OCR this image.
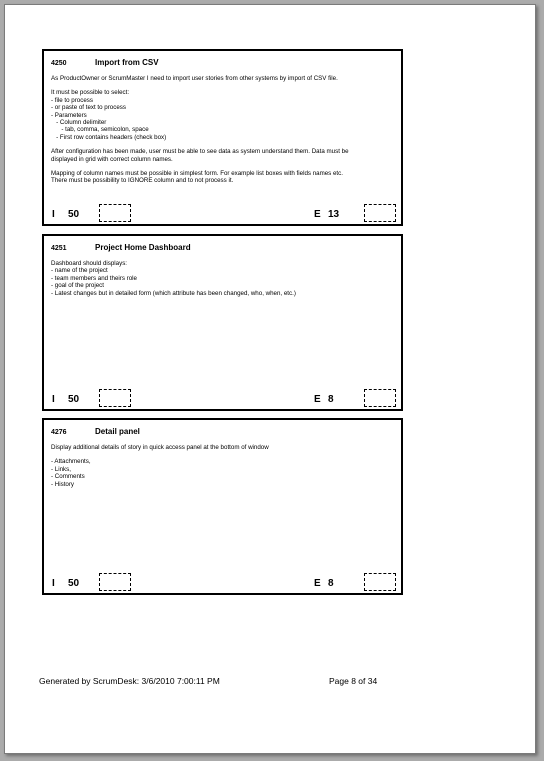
4250	Import from CSV

As ProductOwner or ScrumMaster I need to import user stories from other systems by import of CSV file.

It must be possible to select:
- file to process
- or paste of text to process
- Parameters
- Column delimiter
- tab, comma, semicolon, space
- First row contains headers (check box)

After configuration has been made, user must be able to see data as system understand them. Data must be
displayed in grid with correct column names.

Mapping of column names must be possible in simplest form. For example list boxes with fields names etc.
There must be possibility to IGNORE column and to not process it.

I 50	E 13
4251	Project Home Dashboard

Dashboard should displays:
- name of the project
- team members and theirs role
- goal of the project
- Latest changes but in detailed form (which attribute has been changed, who, when, etc.)

I 50	E 8
4276	Detail panel

Display additional details of story in quick access panel at the bottom of window

- Attachments,
- Links,
- Comments
- History

I 50	E 8
Generated by ScrumDesk: 3/6/2010 7:00:11 PM	Page 8 of 34
